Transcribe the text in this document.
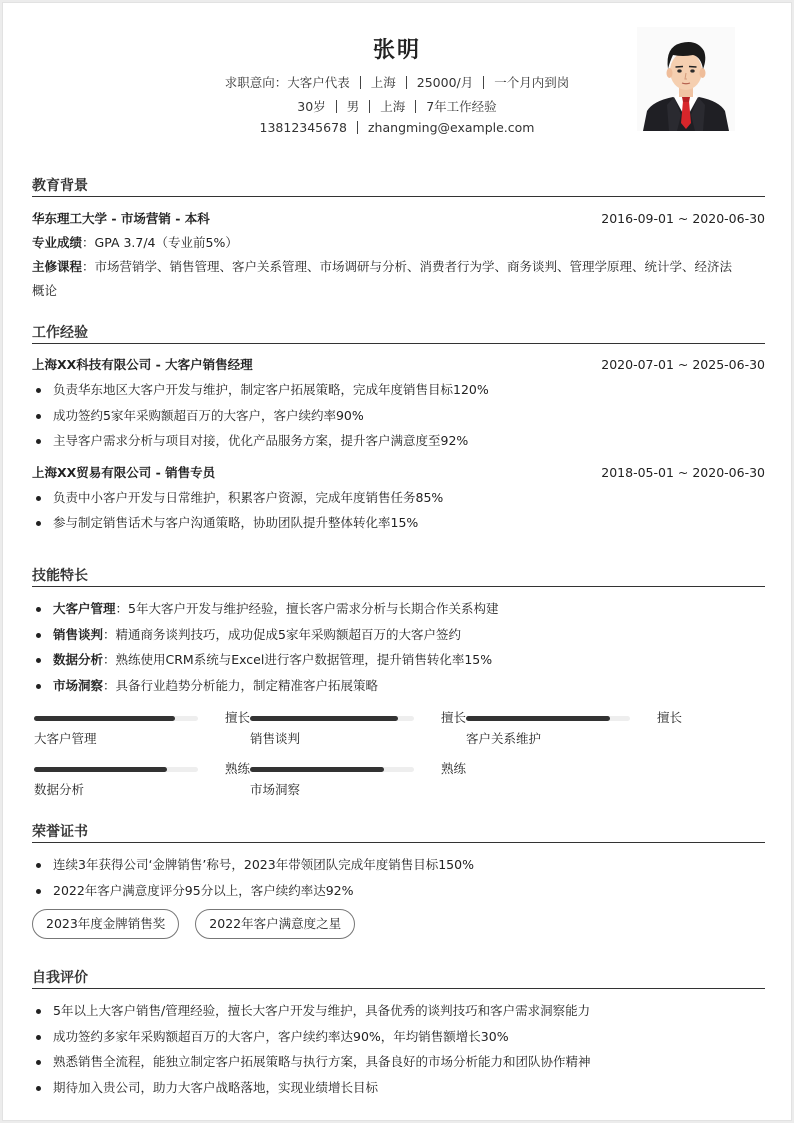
张明
求职意向：大客户代表 上海 25000/月 一个月内到岗
30岁 男 上海 7年工作经验
13812345678 zhangming@example.com
教育背景
华东理工大学 - 市场营销 - 本科	2016-09-01 ~ 2020-06-30
专业成绩：GPA 3.7/4（专业前5%）
主修课程：市场营销学、销售管理、客户关系管理、市场调研与分析、消费者行为学、商务谈判、管理学原理、统计学、经济法
概论
工作经验
上海XX科技有限公司 - 大客户销售经理	2020-07-01 ~ 2025-06-30
负责华东地区大客户开发与维护，制定客户拓展策略，完成年度销售目标120%
成功签约5家年采购额超百万的大客户，客户续约率90%
主导客户需求分析与项目对接，优化产品服务方案，提升客户满意度至92%
上海XX贸易有限公司 - 销售专员	2018-05-01 ~ 2020-06-30
负责中小客户开发与日常维护，积累客户资源，完成年度销售任务85%
参与制定销售话术与客户沟通策略，协助团队提升整体转化率15%
技能特长
大客户管理：5年大客户开发与维护经验，擅长客户需求分析与长期合作关系构建
销售谈判：精通商务谈判技巧，成功促成5家年采购额超百万的大客户签约
数据分析：熟练使用CRM系统与Excel进行客户数据管理，提升销售转化率15%
市场洞察：具备行业趋势分析能力，制定精准客户拓展策略
擅长
大客户管理
擅长
销售谈判
擅长
客户关系维护
熟练
数据分析
熟练
市场洞察
荣誉证书
连续3年获得公司‘金牌销售’称号，2023年带领团队完成年度销售目标150%
2022年客户满意度评分95分以上，客户续约率达92%
2023年度金牌销售奖	2022年客户满意度之星
自我评价
5年以上大客户销售/管理经验，擅长大客户开发与维护，具备优秀的谈判技巧和客户需求洞察能力
成功签约多家年采购额超百万的大客户，客户续约率达90%，年均销售额增长30%
熟悉销售全流程，能独立制定客户拓展策略与执行方案，具备良好的市场分析能力和团队协作精神
期待加入贵公司，助力大客户战略落地，实现业绩增长目标
